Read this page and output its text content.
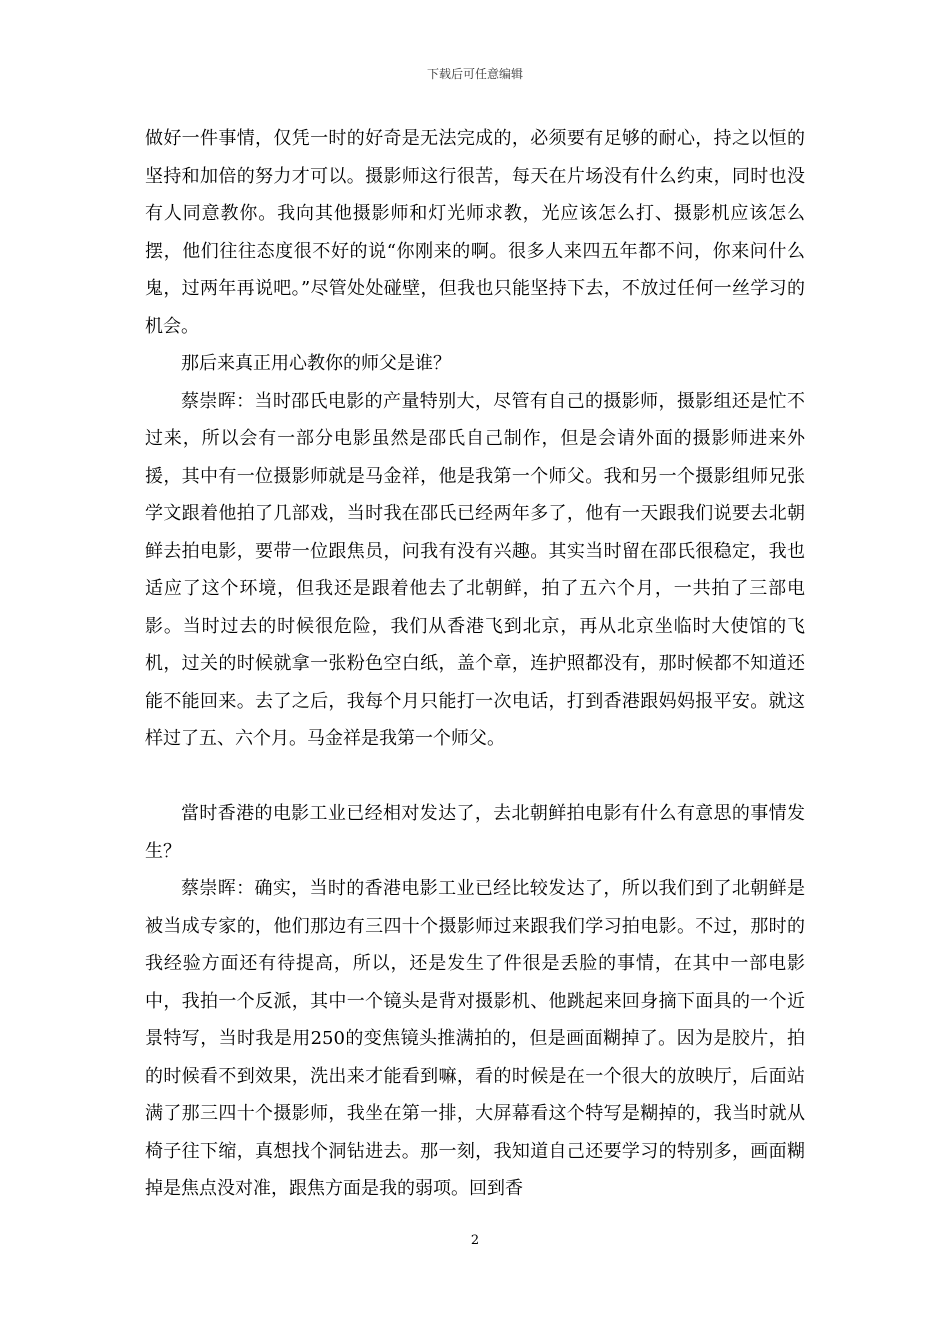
下载后可任意编辑

做好一件事情，仅凭一时的好奇是无法完成的，必须要有足够的耐心，持之以恒的坚持和加倍的努力才可以。摄影师这行很苦，每天在片场没有什么约束，同时也没有人同意教你。我向其他摄影师和灯光师求教，光应该怎么打、摄影机应该怎么摆，他们往往态度很不好的说“你刚来的啊。很多人来四五年都不问，你来问什么鬼，过两年再说吧。”尽管处处碰壁，但我也只能坚持下去，不放过任何一丝学习的机会。

那后来真正用心教你的师父是谁？

蔡崇晖：当时邵氏电影的产量特别大，尽管有自己的摄影师，摄影组还是忙不过来，所以会有一部分电影虽然是邵氏自己制作，但是会请外面的摄影师进来外援，其中有一位摄影师就是马金祥，他是我第一个师父。我和另一个摄影组师兄张学文跟着他拍了几部戏，当时我在邵氏已经两年多了，他有一天跟我们说要去北朝鲜去拍电影，要带一位跟焦员，问我有没有兴趣。其实当时留在邵氏很稳定，我也适应了这个环境，但我还是跟着他去了北朝鲜，拍了五六个月，一共拍了三部电影。当时过去的时候很危险，我们从香港飞到北京，再从北京坐临时大使馆的飞机，过关的时候就拿一张粉色空白纸，盖个章，连护照都没有，那时候都不知道还能不能回来。去了之后，我每个月只能打一次电话，打到香港跟妈妈报平安。就这样过了五、六个月。马金祥是我第一个师父。

當时香港的电影工业已经相对发达了，去北朝鲜拍电影有什么有意思的事情发生？

蔡崇晖：确实，当时的香港电影工业已经比较发达了，所以我们到了北朝鲜是被当成专家的，他们那边有三四十个摄影师过来跟我们学习拍电影。不过，那时的我经验方面还有待提高，所以，还是发生了件很是丢脸的事情，在其中一部电影中，我拍一个反派，其中一个镜头是背对摄影机、他跳起来回身摘下面具的一个近景特写，当时我是用250的变焦镜头推满拍的，但是画面糊掉了。因为是胶片，拍的时候看不到效果，洗出来才能看到嘛，看的时候是在一个很大的放映厅，后面站满了那三四十个摄影师，我坐在第一排，大屏幕看这个特写是糊掉的，我当时就从椅子往下缩，真想找个洞钻进去。那一刻，我知道自己还要学习的特别多，画面糊掉是焦点没对准，跟焦方面是我的弱项。回到香

2
